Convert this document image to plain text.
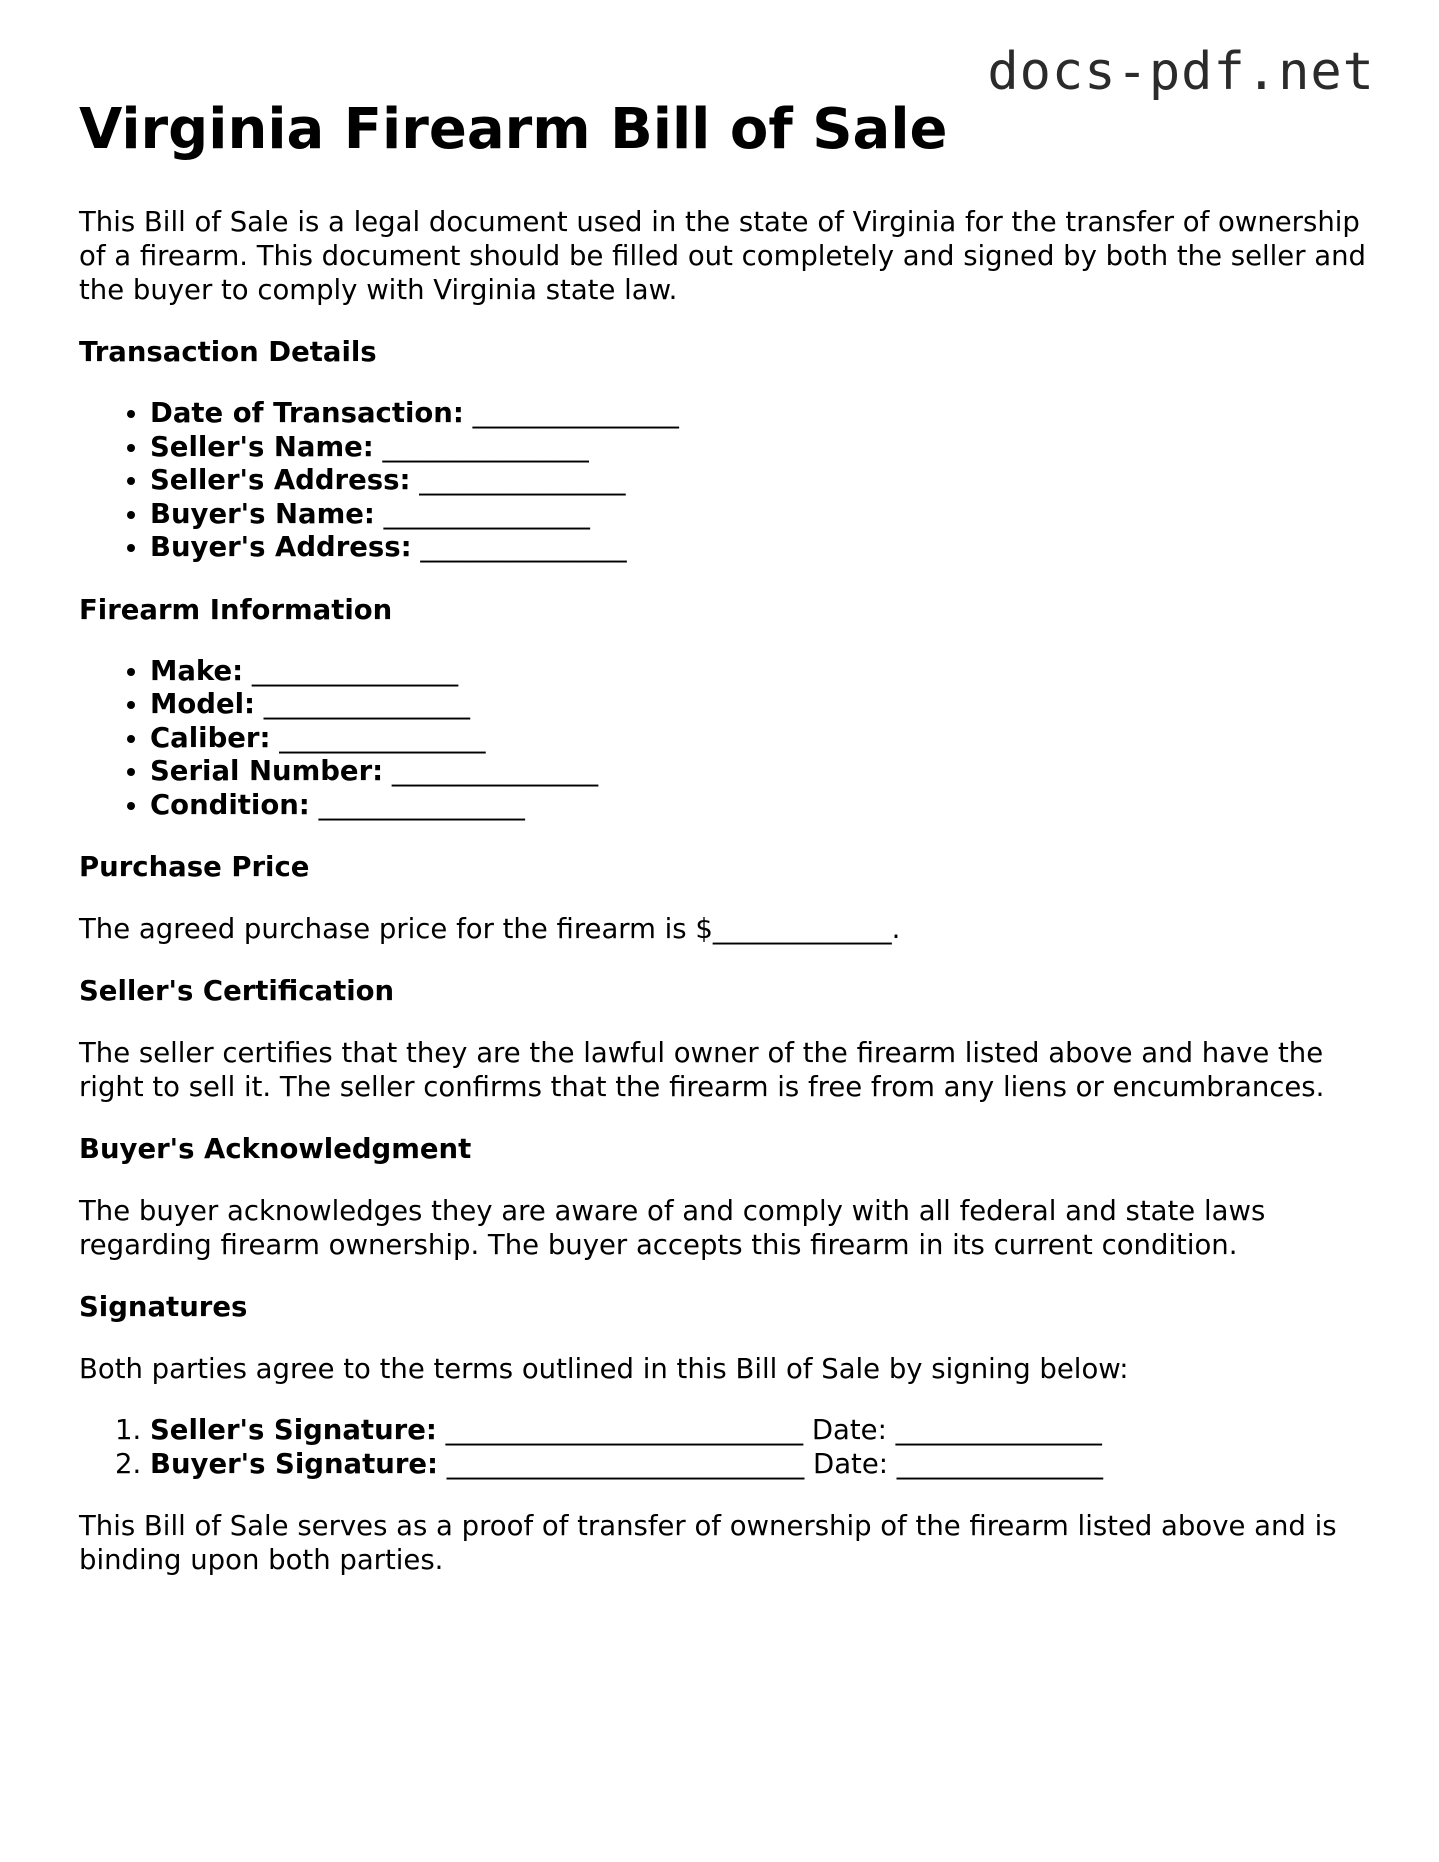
docs-pdf.net
Virginia Firearm Bill of Sale

This Bill of Sale is a legal document used in the state of Virginia for the transfer of ownership of a firearm. This document should be filled out completely and signed by both the seller and the buyer to comply with Virginia state law.

Transaction Details
• Date of Transaction: _______________
• Seller's Name: _______________
• Seller's Address: _______________
• Buyer's Name: _______________
• Buyer's Address: _______________
Firearm Information
• Make: _______________
• Model: _______________
• Caliber: _______________
• Serial Number: _______________
• Condition: _______________
Purchase Price

The agreed purchase price for the firearm is $_____________.

Seller's Certification

The seller certifies that they are the lawful owner of the firearm listed above and have the right to sell it. The seller confirms that the firearm is free from any liens or encumbrances.

Buyer's Acknowledgment

The buyer acknowledges they are aware of and comply with all federal and state laws regarding firearm ownership. The buyer accepts this firearm in its current condition.

Signatures

Both parties agree to the terms outlined in this Bill of Sale by signing below:

1. Seller's Signature: __________________________ Date: _______________
2. Buyer's Signature: __________________________ Date: _______________

This Bill of Sale serves as a proof of transfer of ownership of the firearm listed above and is binding upon both parties.
